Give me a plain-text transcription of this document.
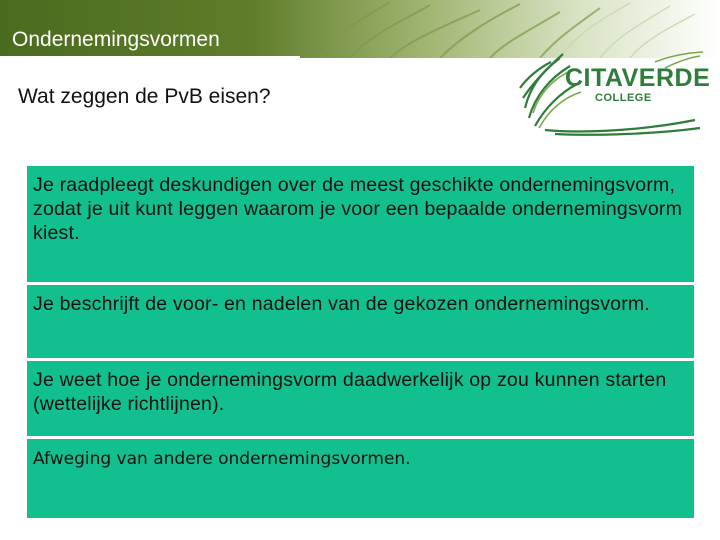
Ondernemingsvormen
CITAVERDE
COLLEGE
Wat zeggen de PvB eisen?
Je raadpleegt deskundigen over de meest geschikte ondernemingsvorm, zodat je uit kunt leggen waarom je voor een bepaalde ondernemingsvorm kiest.
Je beschrijft de voor- en nadelen van de gekozen ondernemingsvorm.
Je weet hoe je ondernemingsvorm daadwerkelijk op zou kunnen starten (wettelijke richtlijnen).
Afweging van andere ondernemingsvormen.
